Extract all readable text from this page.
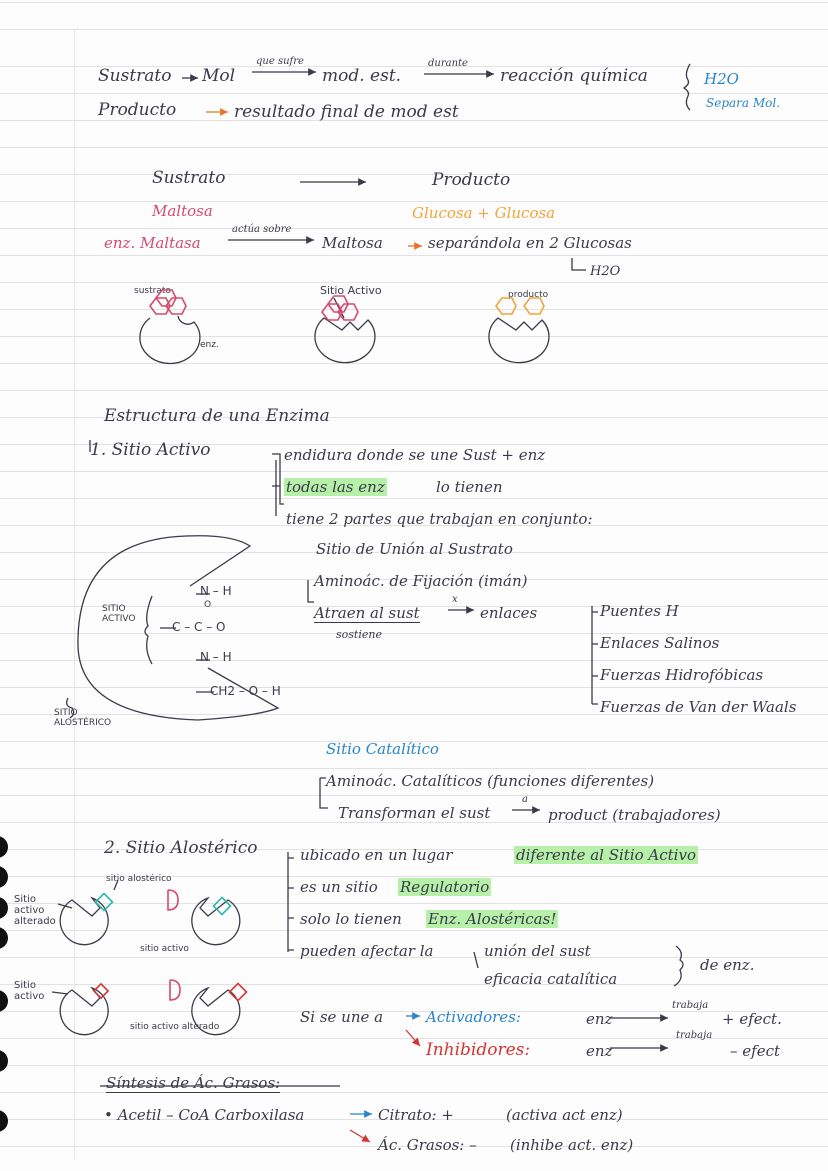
Sustrato Mol
que sufre
mod. est.
durante
reacción química	H2O
Producto	resultado final de mod est	Separa Mol.
Sustrato	Producto
Maltosa	Glucosa + Glucosa
enz. Maltasa
actúa sobre
Maltosa	separándola en 2 Glucosas
H2O
sustrato	Sitio Activo	producto
enz.
Estructura de una Enzima
1. Sitio Activo	endidura donde se une Sust + enz
todas las enz	lo tienen
tiene 2 partes que trabajan en conjunto:
Sitio de Unión al Sustrato
Aminoác. de Fijación (imán)
Atraen al sust
x
enlaces
sostiene
Puentes H
Enlaces Salinos
Fuerzas Hidrofóbicas
Fuerzas de Van der Waals
SITIO ACTIVO
N – H
O
C – C – O
N – H
CH2 – O – H
SITIO ALOSTÉRICO
Sitio Catalítico
Aminoác. Catalíticos (funciones diferentes)
Transforman el sust
a
product (trabajadores)
2. Sitio Alostérico	ubicado en un lugar	diferente al Sitio Activo
es un sitio Regulatorio
solo lo tienen Enz. Alostéricas!
pueden afectar la	unión del sust
eficacia catalítica
de enz.
Sitio activo alterado
sitio alostérico
sitio activo
Sitio activo
sitio activo alterado
Si se une a	Activadores:	enz
trabaja
+ efect.
Inhibidores:	enz
trabaja
– efect
Síntesis de Ác. Grasos:
• Acetil – CoA Carboxilasa	Citrato: +	(activa act enz)
Ác. Grasos: – (inhibe act. enz)
